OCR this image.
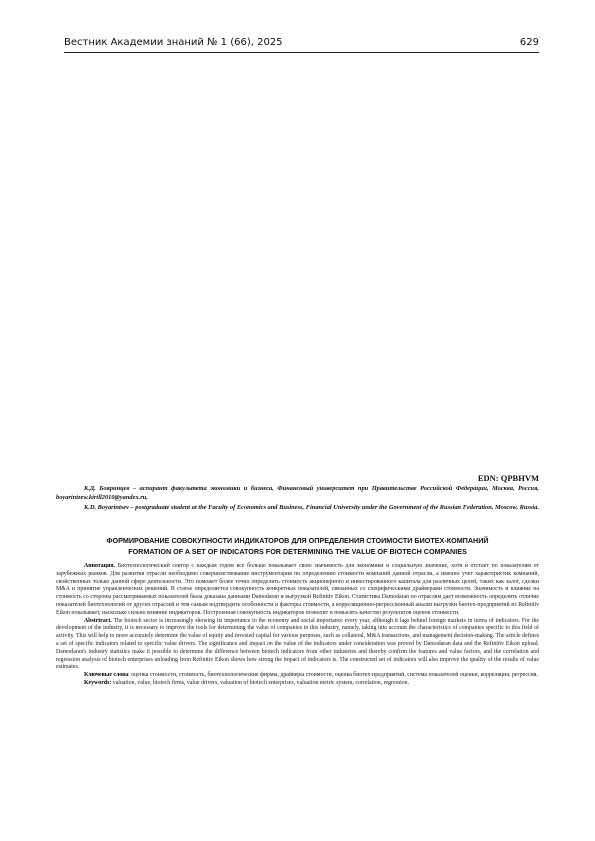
Вестник Академии знаний № 1 (66), 2025	629
EDN: QPBHVM

К.Д. Бояринцев – аспирант факультета экономики и бизнеса, Финансовый университет при Правительстве Российской Федерации, Москва, Россия, boyarintzew.kirill2010@yandex.ru,

K.D. Boyarintsev – postgraduate student at the Faculty of Economics and Business, Financial University under the Government of the Russian Federation, Moscow, Russia.

ФОРМИРОВАНИЕ СОВОКУПНОСТИ ИНДИКАТОРОВ ДЛЯ ОПРЕДЕЛЕНИЯ СТОИМОСТИ БИОТЕХ-КОМПАНИЙ
FORMATION OF A SET OF INDICATORS FOR DETERMINING THE VALUE OF BIOTECH COMPANIES

Аннотация. Биотехнологический сектор с каждым годом все больше показывает свою значимость для экономики и социальную значение, хотя и отстает по показателям от зарубежных рынков. Для развития отрасли необходимо совершенствование инструментария по определению стоимости компаний данной отрасли, а именно учет характеристик компаний, свойственных только данной сфере деятельности. Это поможет более точно определить стоимость акционерного и инвестированного капитала для различных целей, таких как залог, сделки M&A и принятие управленческих решений. В статье определяется совокупность конкретных показателей, связанных со специфическими драйверами стоимости. Значимость и влияние на стоимость со стороны рассматриваемых показателей была доказана данными Damodaran и выгрузкой Refinitiv Eikon. Статистика Damodaran по отраслям дает возможность определить отличие показателей биотехнологий от других отраслей и тем самым подтвердить особенности и факторы стоимости, а корреляционно-регрессионный анализ выгрузки биотех-предприятий из Refinitiv Eikon показывает, насколько сильно влияние индикаторов. Построенная совокупность индикаторов позволит и повысить качество результатов оценок стоимости.

Abstrtract. The biotech sector is increasingly showing its importance to the economy and social importance every year, although it lags behind foreign markets in terms of indicators. For the development of the industry, it is necessary to improve the tools for determining the value of companies in this industry, namely, taking into account the characteristics of companies specific to this field of activity. This will help to more accurately determine the value of equity and invested capital for various purposes, such as collateral, M&A transactions, and management decision-making. The article defines a set of specific indicators related to specific value drivers. The significance and impact on the value of the indicators under consideration was proved by Damodaran data and the Refinitiv Eikon upload. Damodaran's industry statistics make it possible to determine the difference between biotech indicators from other industries and thereby confirm the features and value factors, and the correlation and regression analysis of biotech enterprises unloading from Refinitiv Eikon shows how strong the impact of indicators is. The constructed set of indicators will also improve the quality of the results of value estimates.

Ключевые слова: оценка стоимости, стоимость, биотехнологические фирмы, драйверы стоимости, оценка биотех-предприятий, система показателей оценки, корреляция, регрессия.

Keywords: valuation, value, biotech firms, value drivers, valuation of biotech enterprises, valuation metric system, correlation, regression.
